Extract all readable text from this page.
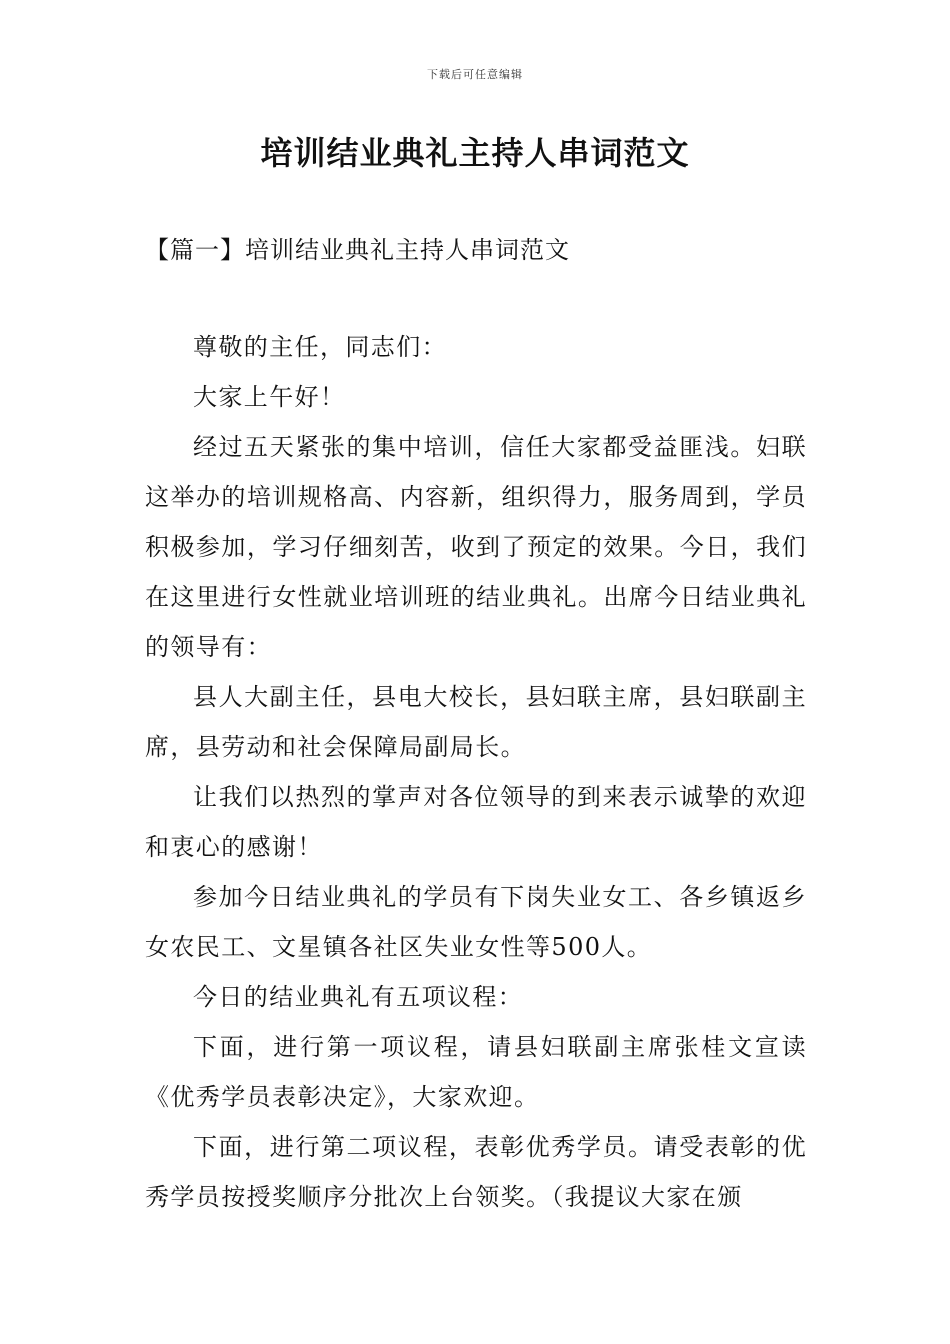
下载后可任意编辑
培训结业典礼主持人串词范文
【篇一】培训结业典礼主持人串词范文

尊敬的主任，同志们：

大家上午好！

经过五天紧张的集中培训，信任大家都受益匪浅。妇联这举办的培训规格高、内容新，组织得力，服务周到，学员积极参加，学习仔细刻苦，收到了预定的效果。今日，我们在这里进行女性就业培训班的结业典礼。出席今日结业典礼的领导有：

县人大副主任，县电大校长，县妇联主席，县妇联副主席，县劳动和社会保障局副局长。

让我们以热烈的掌声对各位领导的到来表示诚挚的欢迎和衷心的感谢！

参加今日结业典礼的学员有下岗失业女工、各乡镇返乡女农民工、文星镇各社区失业女性等500人。

今日的结业典礼有五项议程：

下面，进行第一项议程，请县妇联副主席张桂文宣读《优秀学员表彰决定》，大家欢迎。

下面，进行第二项议程，表彰优秀学员。请受表彰的优秀学员按授奖顺序分批次上台领奖。（我提议大家在颁
